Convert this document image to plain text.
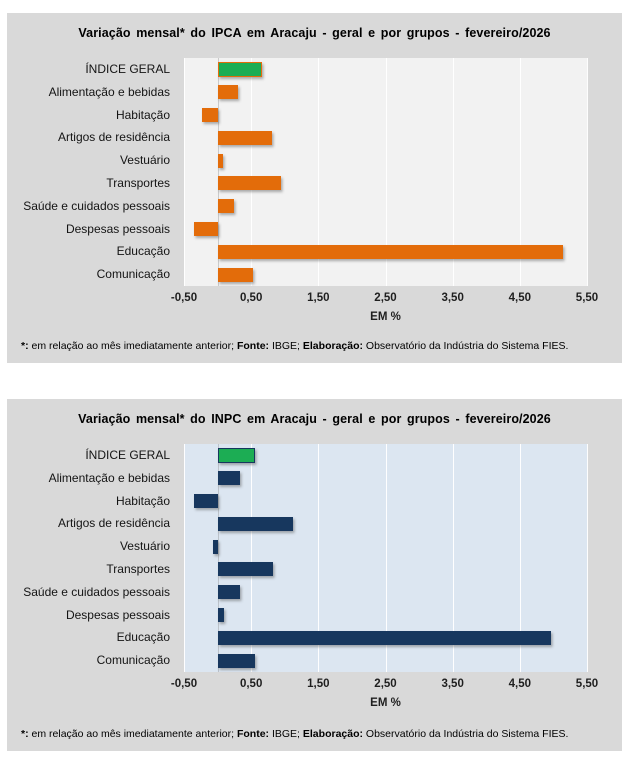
Variação mensal* do IPCA em Aracaju - geral e por grupos - fevereiro/2026
ÍNDICE GERAL
Alimentação e bebidas
Habitação
Artigos de residência
Vestuário
Transportes
Saúde e cuidados pessoais
Despesas pessoais
Educação
Comunicação
-0,50	0,50	1,50	2,50	3,50	4,50	5,50
EM %

*: em relação ao mês imediatamente anterior; Fonte: IBGE; Elaboração: Observatório da Indústria do Sistema FIES.

Variação mensal* do INPC em Aracaju - geral e por grupos - fevereiro/2026
ÍNDICE GERAL
Alimentação e bebidas
Habitação
Artigos de residência
Vestuário
Transportes
Saúde e cuidados pessoais
Despesas pessoais
Educação
Comunicação
-0,50	0,50	1,50	2,50	3,50	4,50	5,50
EM %

*: em relação ao mês imediatamente anterior; Fonte: IBGE; Elaboração: Observatório da Indústria do Sistema FIES.
